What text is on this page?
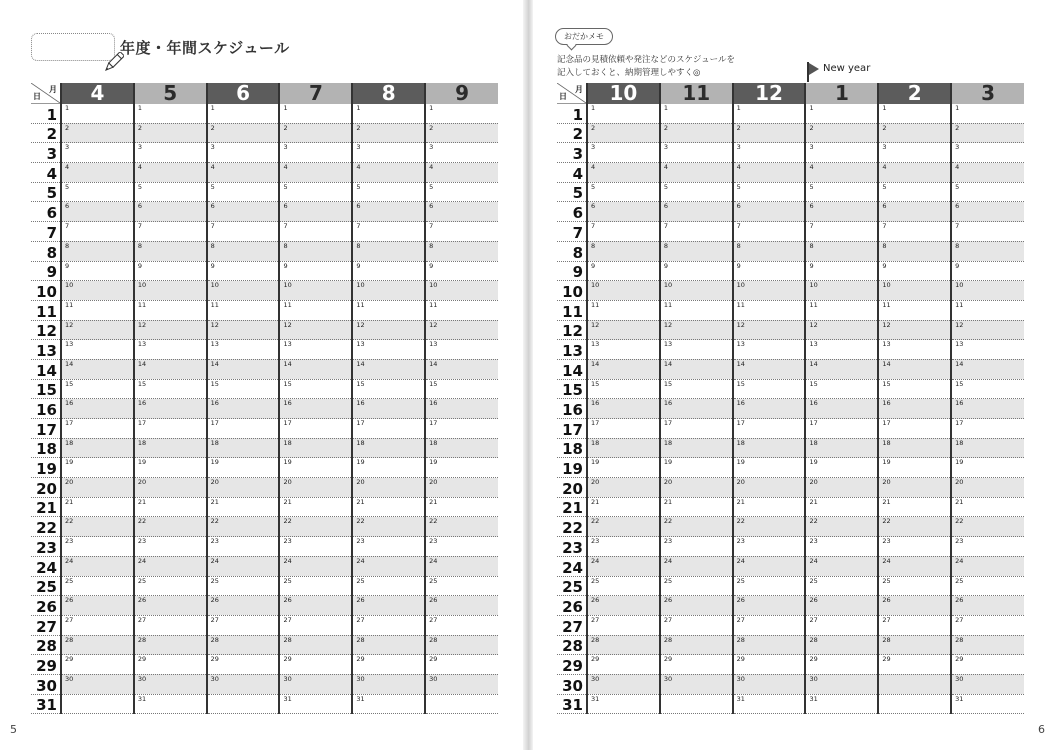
年度・年間スケジュール
月
日	4	5	6	7	8	9
1	1	1	1	1	1	1
2	2	2	2	2	2	2
3	3	3	3	3	3	3
4	4	4	4	4	4	4
5	5	5	5	5	5	5
6	6	6	6	6	6	6
7	7	7	7	7	7	7
8	8	8	8	8	8	8
9	9	9	9	9	9	9
10	10	10	10	10	10	10
11	11	11	11	11	11	11
12	12	12	12	12	12	12
13	13	13	13	13	13	13
14	14	14	14	14	14	14
15	15	15	15	15	15	15
16	16	16	16	16	16	16
17	17	17	17	17	17	17
18	18	18	18	18	18	18
19	19	19	19	19	19	19
20	20	20	20	20	20	20
21	21	21	21	21	21	21
22	22	22	22	22	22	22
23	23	23	23	23	23	23
24	24	24	24	24	24	24
25	25	25	25	25	25	25
26	26	26	26	26	26	26
27	27	27	27	27	27	27
28	28	28	28	28	28	28
29	29	29	29	29	29	29
30	30	30	30	30	30	30
31		31		31	31	
5
おだかメモ
記念品の見積依頼や発注などのスケジュールを
記入しておくと、納期管理しやすく◎	New year
月
日	10	11	12	1	2	3
1	1	1	1	1	1	1
2	2	2	2	2	2	2
3	3	3	3	3	3	3
4	4	4	4	4	4	4
5	5	5	5	5	5	5
6	6	6	6	6	6	6
7	7	7	7	7	7	7
8	8	8	8	8	8	8
9	9	9	9	9	9	9
10	10	10	10	10	10	10
11	11	11	11	11	11	11
12	12	12	12	12	12	12
13	13	13	13	13	13	13
14	14	14	14	14	14	14
15	15	15	15	15	15	15
16	16	16	16	16	16	16
17	17	17	17	17	17	17
18	18	18	18	18	18	18
19	19	19	19	19	19	19
20	20	20	20	20	20	20
21	21	21	21	21	21	21
22	22	22	22	22	22	22
23	23	23	23	23	23	23
24	24	24	24	24	24	24
25	25	25	25	25	25	25
26	26	26	26	26	26	26
27	27	27	27	27	27	27
28	28	28	28	28	28	28
29	29	29	29	29	29	29
30	30	30	30	30		30
31	31		31	31		31
6
